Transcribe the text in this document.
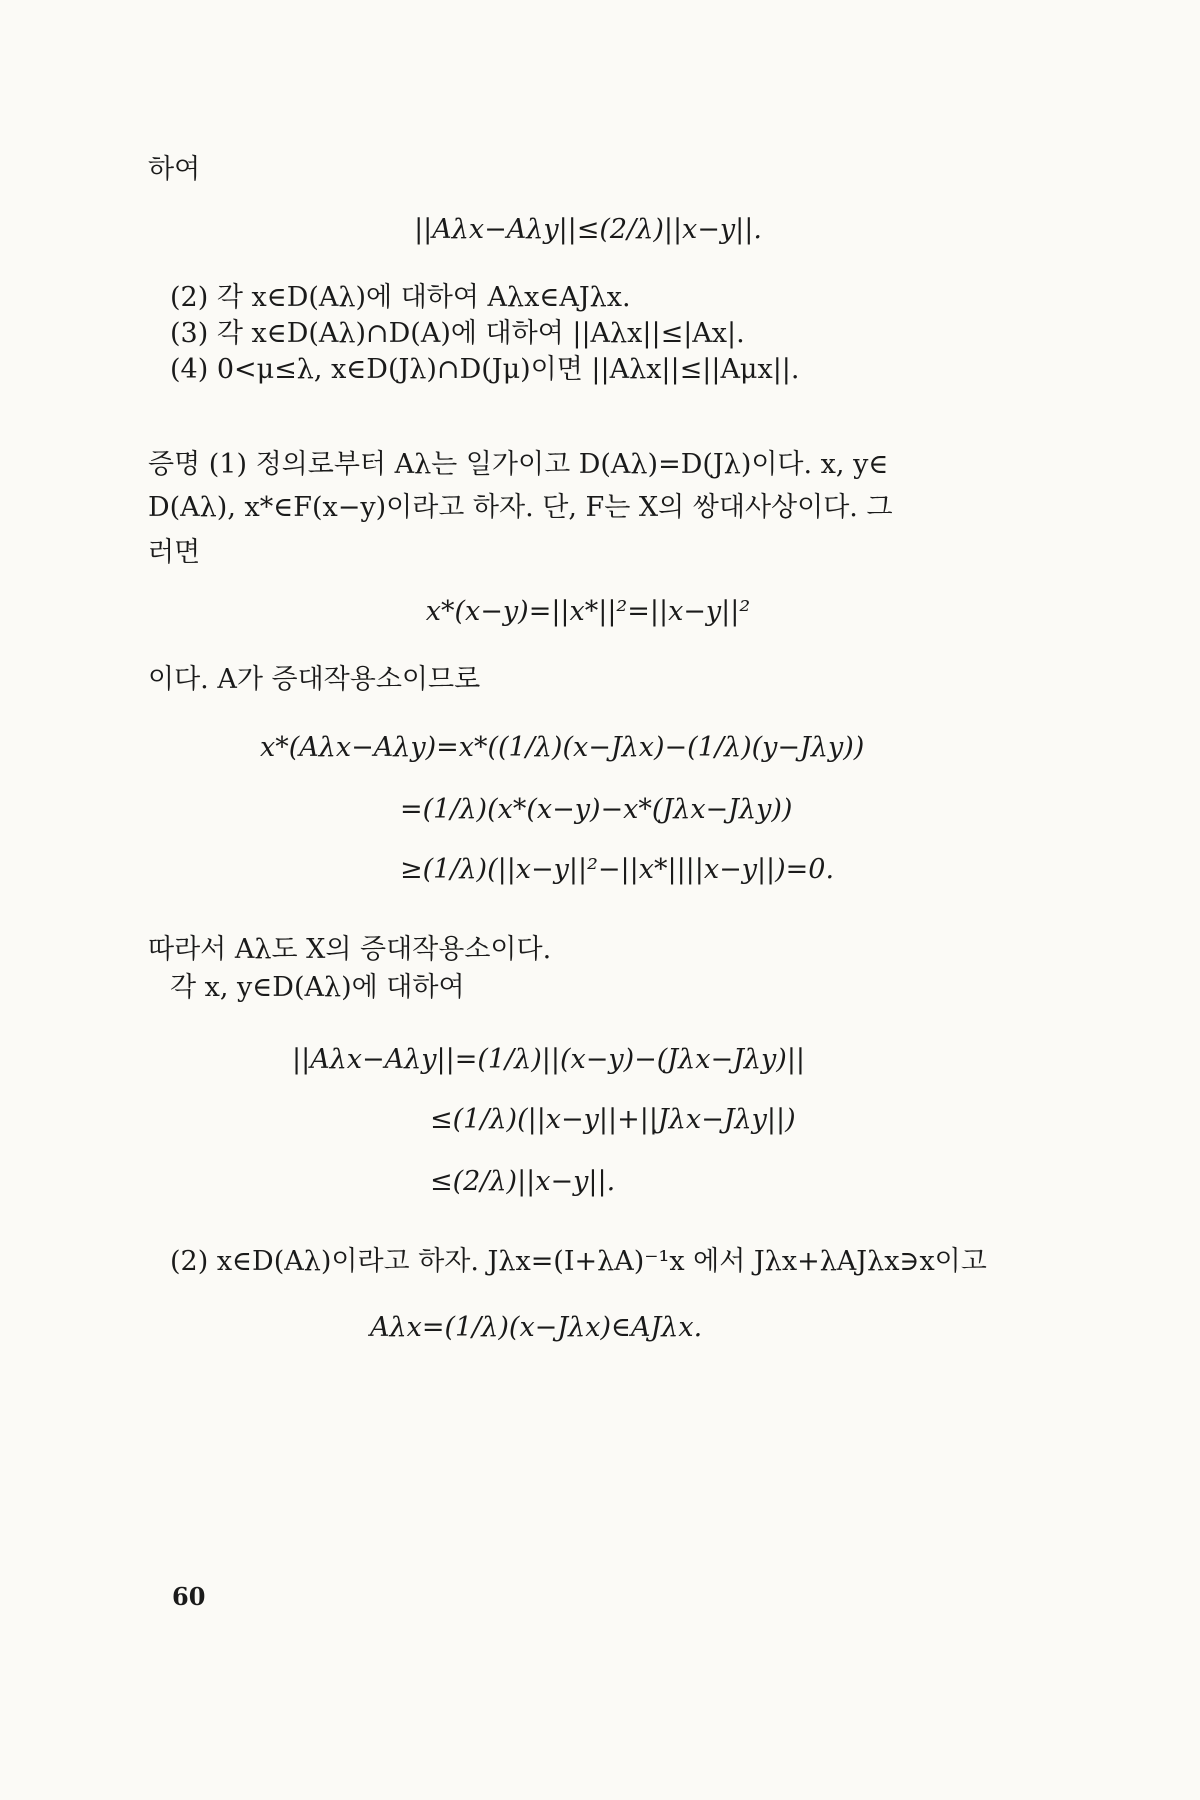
하여
||Aλx−Aλy||≤(2/λ)||x−y||.
(2) 각 x∈D(Aλ)에 대하여 Aλx∈AJλx.
(3) 각 x∈D(Aλ)∩D(A)에 대하여 ||Aλx||≤|Ax|.
(4) 0<μ≤λ, x∈D(Jλ)∩D(Jμ)이면 ||Aλx||≤||Aμx||.
증명 (1) 정의로부터 Aλ는 일가이고 D(Aλ)=D(Jλ)이다. x, y∈
D(Aλ), x*∈F(x−y)이라고 하자. 단, F는 X의 쌍대사상이다. 그
러면
x*(x−y)=||x*||²=||x−y||²
이다. A가 증대작용소이므로
x*(Aλx−Aλy)=x*((1/λ)(x−Jλx)−(1/λ)(y−Jλy))
=(1/λ)(x*(x−y)−x*(Jλx−Jλy))
≥(1/λ)(||x−y||²−||x*||||x−y||)=0.
따라서 Aλ도 X의 증대작용소이다.
각 x, y∈D(Aλ)에 대하여
||Aλx−Aλy||=(1/λ)||(x−y)−(Jλx−Jλy)||
≤(1/λ)(||x−y||+||Jλx−Jλy||)
≤(2/λ)||x−y||.
(2) x∈D(Aλ)이라고 하자. Jλx=(I+λA)⁻¹x 에서 Jλx+λAJλx∋x이고
Aλx=(1/λ)(x−Jλx)∈AJλx.
60
